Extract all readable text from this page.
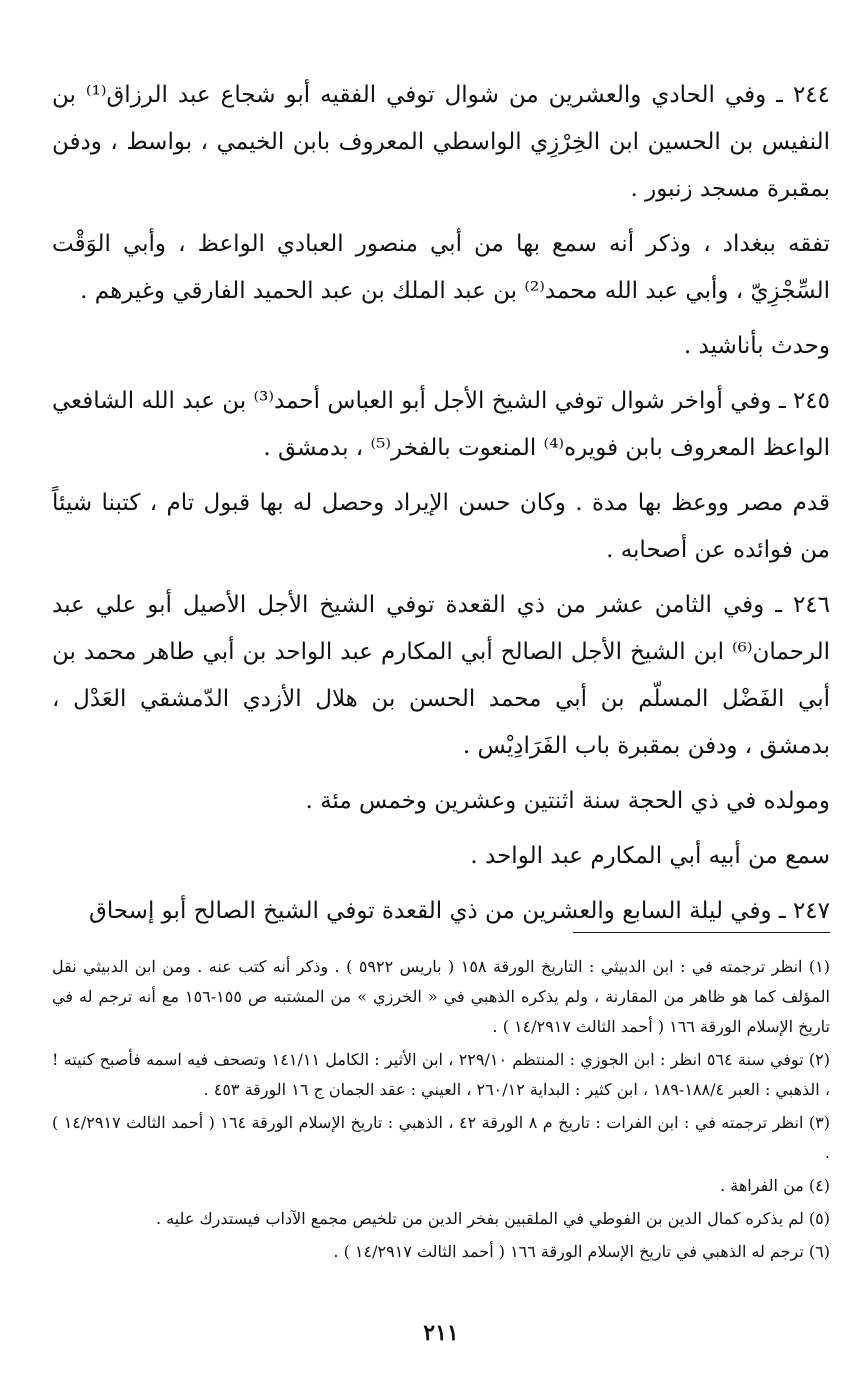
٢٤٤ ـ وفي الحادي والعشرين من شوال توفي الفقيه أبو شجاع عبد الرزاق⁽¹⁾ بن النفيس بن الحسين ابن الخِرْزِي الواسطي المعروف بابن الخيمي ، بواسط ، ودفن بمقبرة مسجد زنبور .

تفقه ببغداد ، وذكر أنه سمع بها من أبي منصور العبادي الواعظ ، وأبي الوَقْت السِّجْزِيّ ، وأبي عبد الله محمد⁽²⁾ بن عبد الملك بن عبد الحميد الفارقي وغيرهم .

وحدث بأناشيد .

٢٤٥ ـ وفي أواخر شوال توفي الشيخ الأجل أبو العباس أحمد⁽³⁾ بن عبد الله الشافعي الواعظ المعروف بابن فويره⁽⁴⁾ المنعوت بالفخر⁽⁵⁾ ، بدمشق .

قدم مصر ووعظ بها مدة . وكان حسن الإيراد وحصل له بها قبول تام ، كتبنا شيئاً من فوائده عن أصحابه .

٢٤٦ ـ وفي الثامن عشر من ذي القعدة توفي الشيخ الأجل الأصيل أبو علي عبد الرحمان⁽⁶⁾ ابن الشيخ الأجل الصالح أبي المكارم عبد الواحد بن أبي طاهر محمد بن أبي الفَضْل المسلّم بن أبي محمد الحسن بن هلال الأزدي الدّمشقي العَدْل ، بدمشق ، ودفن بمقبرة باب الفَرَادِيْس .

ومولده في ذي الحجة سنة اثنتين وعشرين وخمس مئة .

سمع من أبيه أبي المكارم عبد الواحد .

٢٤٧ ـ وفي ليلة السابع والعشرين من ذي القعدة توفي الشيخ الصالح أبو إسحاق

(١) انظر ترجمته في : ابن الدبيثي : التاريخ الورقة ١٥٨ ( باريس ٥٩٢٢ ) . وذكر أنه كتب عنه . ومن ابن الدبيثي نقل المؤلف كما هو ظاهر من المقارنة ، ولم يذكره الذهبي في « الخرزي » من المشتبه ص ١٥٥-١٥٦ مع أنه ترجم له في تاريخ الإسلام الورقة ١٦٦ ( أحمد الثالث ١٤/٢٩١٧ ) .

(٢) توفي سنة ٥٦٤ انظر : ابن الجوزي : المنتظم ٢٢٩/١٠ ، ابن الأثير : الكامل ١٤١/١١ وتصحف فيه اسمه فأصبح كنيته ! ، الذهبي : العبر ١٨٨/٤-١٨٩ ، ابن كثير : البداية ٢٦٠/١٢ ، العيني : عقد الجمان ج ١٦ الورقة ٤٥٣ .

(٣) انظر ترجمته في : ابن الفرات : تاريخ م ٨ الورقة ٤٢ ، الذهبي : تاريخ الإسلام الورقة ١٦٤ ( أحمد الثالث ١٤/٢٩١٧ ) .

(٤) من الفراهة .

(٥) لم يذكره كمال الدين بن الفوطي في الملقبين بفخر الدين من تلخيص مجمع الآداب فيستدرك عليه .

(٦) ترجم له الذهبي في تاريخ الإسلام الورقة ١٦٦ ( أحمد الثالث ١٤/٢٩١٧ ) .

٢١١
